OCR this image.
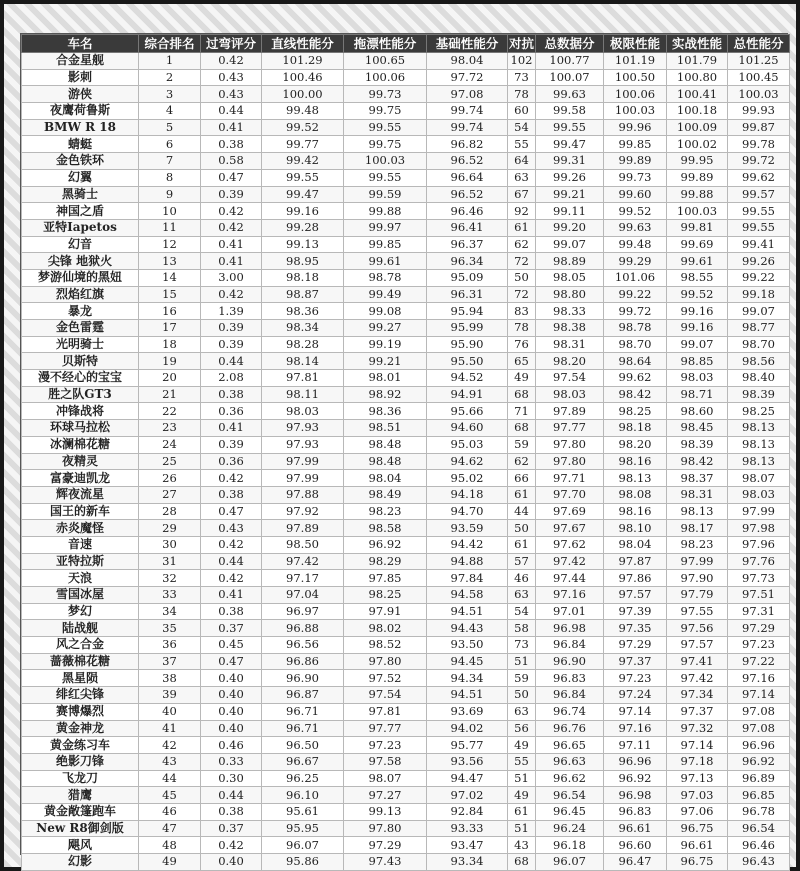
车名	综合排名	过弯评分	直线性能分	拖漂性能分	基础性能分	对抗	总数据分	极限性能	实战性能	总性能分
合金星舰	1	0.42	101.29	100.65	98.04	102	100.77	101.19	101.79	101.25
影刺	2	0.43	100.46	100.06	97.72	73	100.07	100.50	100.80	100.45
游侠	3	0.43	100.00	99.73	97.08	78	99.63	100.06	100.41	100.03
夜鹰荷鲁斯	4	0.44	99.48	99.75	99.74	60	99.58	100.03	100.18	99.93
BMW R 18	5	0.41	99.52	99.55	99.74	54	99.55	99.96	100.09	99.87
蜻蜓	6	0.38	99.77	99.75	96.82	55	99.47	99.85	100.02	99.78
金色铁环	7	0.58	99.42	100.03	96.52	64	99.31	99.89	99.95	99.72
幻翼	8	0.47	99.55	99.55	96.64	63	99.26	99.73	99.89	99.62
黑骑士	9	0.39	99.47	99.59	96.52	67	99.21	99.60	99.88	99.57
神国之盾	10	0.42	99.16	99.88	96.46	92	99.11	99.52	100.03	99.55
亚特Iapetos	11	0.42	99.28	99.97	96.41	61	99.20	99.63	99.81	99.55
幻音	12	0.41	99.13	99.85	96.37	62	99.07	99.48	99.69	99.41
尖锋 地狱火	13	0.41	98.95	99.61	96.34	72	98.89	99.29	99.61	99.26
梦游仙境的黑妞	14	3.00	98.18	98.78	95.09	50	98.05	101.06	98.55	99.22
烈焰红旗	15	0.42	98.87	99.49	96.31	72	98.80	99.22	99.52	99.18
暴龙	16	1.39	98.36	99.08	95.94	83	98.33	99.72	99.16	99.07
金色雷霆	17	0.39	98.34	99.27	95.99	78	98.38	98.78	99.16	98.77
光明骑士	18	0.39	98.28	99.19	95.90	76	98.31	98.70	99.07	98.70
贝斯特	19	0.44	98.14	99.21	95.50	65	98.20	98.64	98.85	98.56
漫不经心的宝宝	20	2.08	97.81	98.01	94.52	49	97.54	99.62	98.03	98.40
胜之队GT3	21	0.38	98.11	98.92	94.91	68	98.03	98.42	98.71	98.39
冲锋战将	22	0.36	98.03	98.36	95.66	71	97.89	98.25	98.60	98.25
环球马拉松	23	0.41	97.93	98.51	94.60	68	97.77	98.18	98.45	98.13
冰澜棉花糖	24	0.39	97.93	98.48	95.03	59	97.80	98.20	98.39	98.13
夜精灵	25	0.36	97.99	98.48	94.62	62	97.80	98.16	98.42	98.13
富豪迪凯龙	26	0.42	97.99	98.04	95.02	66	97.71	98.13	98.37	98.07
辉夜流星	27	0.38	97.88	98.49	94.18	61	97.70	98.08	98.31	98.03
国王的新车	28	0.47	97.92	98.23	94.70	44	97.69	98.16	98.13	97.99
赤炎魔怪	29	0.43	97.89	98.58	93.59	50	97.67	98.10	98.17	97.98
音速	30	0.42	98.50	96.92	94.42	61	97.62	98.04	98.23	97.96
亚特拉斯	31	0.44	97.42	98.29	94.88	57	97.42	97.87	97.99	97.76
天浪	32	0.42	97.17	97.85	97.84	46	97.44	97.86	97.90	97.73
雪国冰屋	33	0.41	97.04	98.25	94.58	63	97.16	97.57	97.79	97.51
梦幻	34	0.38	96.97	97.91	94.51	54	97.01	97.39	97.55	97.31
陆战舰	35	0.37	96.88	98.02	94.43	58	96.98	97.35	97.56	97.29
风之合金	36	0.45	96.56	98.52	93.50	73	96.84	97.29	97.57	97.23
蔷薇棉花糖	37	0.47	96.86	97.80	94.45	51	96.90	97.37	97.41	97.22
黑星陨	38	0.40	96.90	97.52	94.34	59	96.83	97.23	97.42	97.16
绯红尖锋	39	0.40	96.87	97.54	94.51	50	96.84	97.24	97.34	97.14
赛博爆烈	40	0.40	96.71	97.81	93.69	63	96.74	97.14	97.37	97.08
黄金神龙	41	0.40	96.71	97.77	94.02	56	96.76	97.16	97.32	97.08
黄金练习车	42	0.46	96.50	97.23	95.77	49	96.65	97.11	97.14	96.96
绝影刀锋	43	0.33	96.67	97.58	93.56	55	96.63	96.96	97.18	96.92
飞龙刀	44	0.30	96.25	98.07	94.47	51	96.62	96.92	97.13	96.89
猎鹰	45	0.44	96.10	97.27	97.02	49	96.54	96.98	97.03	96.85
黄金敞篷跑车	46	0.38	95.61	99.13	92.84	61	96.45	96.83	97.06	96.78
New R8御剑版	47	0.37	95.95	97.80	93.33	51	96.24	96.61	96.75	96.54
飓风	48	0.42	96.07	97.29	93.47	43	96.18	96.60	96.61	96.46
幻影	49	0.40	95.86	97.43	93.34	68	96.07	96.47	96.75	96.43
